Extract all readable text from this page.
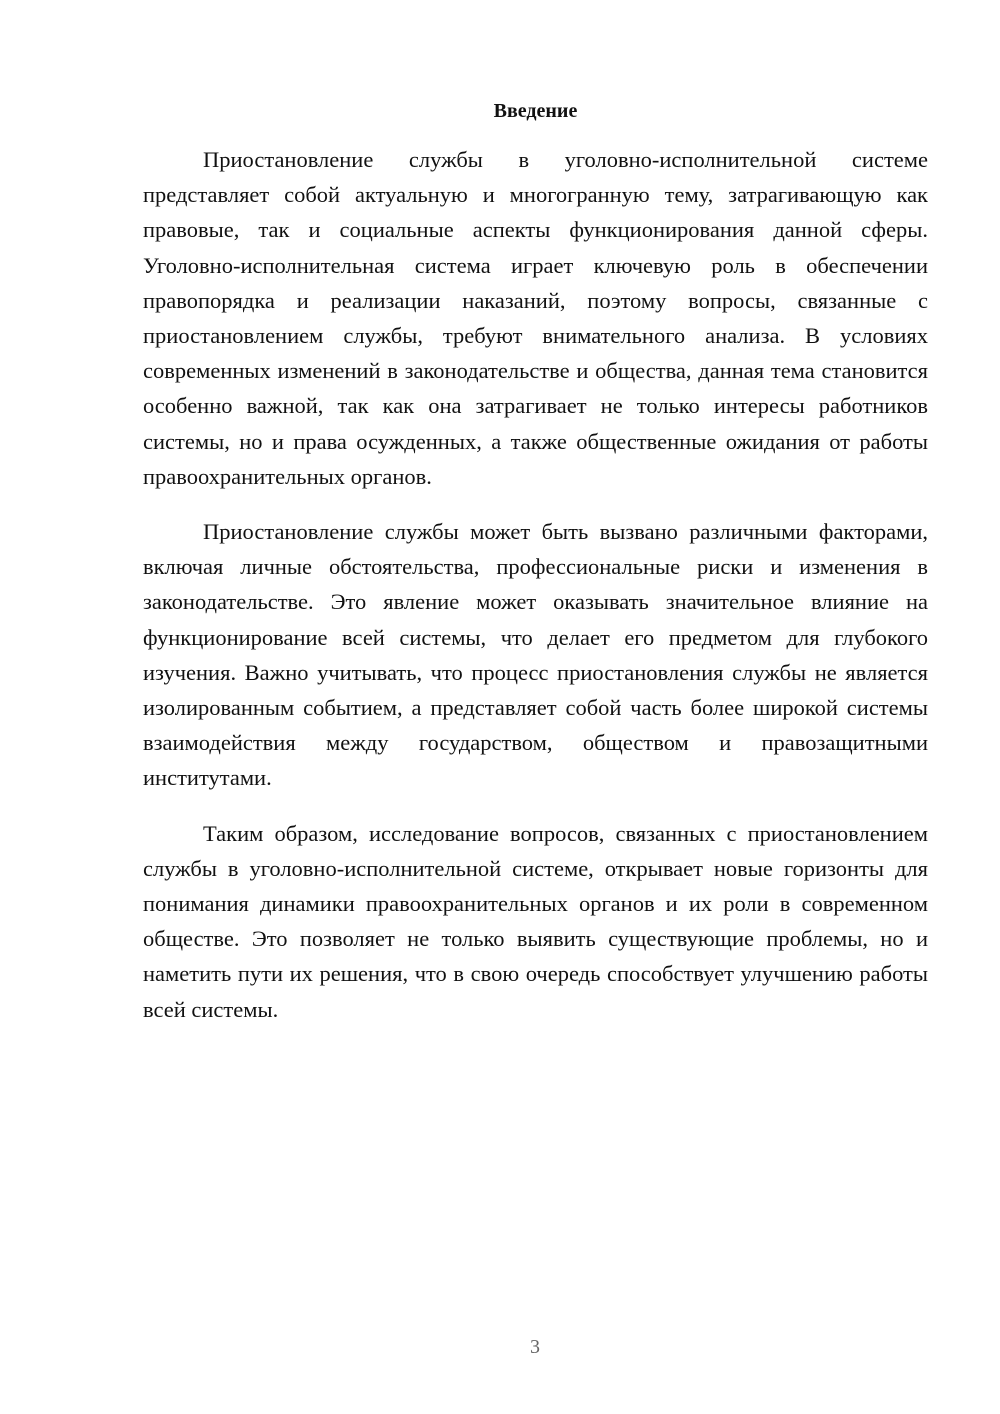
Введение

Приостановление службы в уголовно-исполнительной системе представляет собой актуальную и многогранную тему, затрагивающую как правовые, так и социальные аспекты функционирования данной сферы. Уголовно-исполнительная система играет ключевую роль в обеспечении правопорядка и реализации наказаний, поэтому вопросы, связанные с приостановлением службы, требуют внимательного анализа. В условиях современных изменений в законодательстве и общества, данная тема становится особенно важной, так как она затрагивает не только интересы работников системы, но и права осужденных, а также общественные ожидания от работы правоохранительных органов.

Приостановление службы может быть вызвано различными факторами, включая личные обстоятельства, профессиональные риски и изменения в законодательстве. Это явление может оказывать значительное влияние на функционирование всей системы, что делает его предметом для глубокого изучения. Важно учитывать, что процесс приостановления службы не является изолированным событием, а представляет собой часть более широкой системы взаимодействия между государством, обществом и правозащитными институтами.

Таким образом, исследование вопросов, связанных с приостановлением службы в уголовно-исполнительной системе, открывает новые горизонты для понимания динамики правоохранительных органов и их роли в современном обществе. Это позволяет не только выявить существующие проблемы, но и наметить пути их решения, что в свою очередь способствует улучшению работы всей системы.

3
